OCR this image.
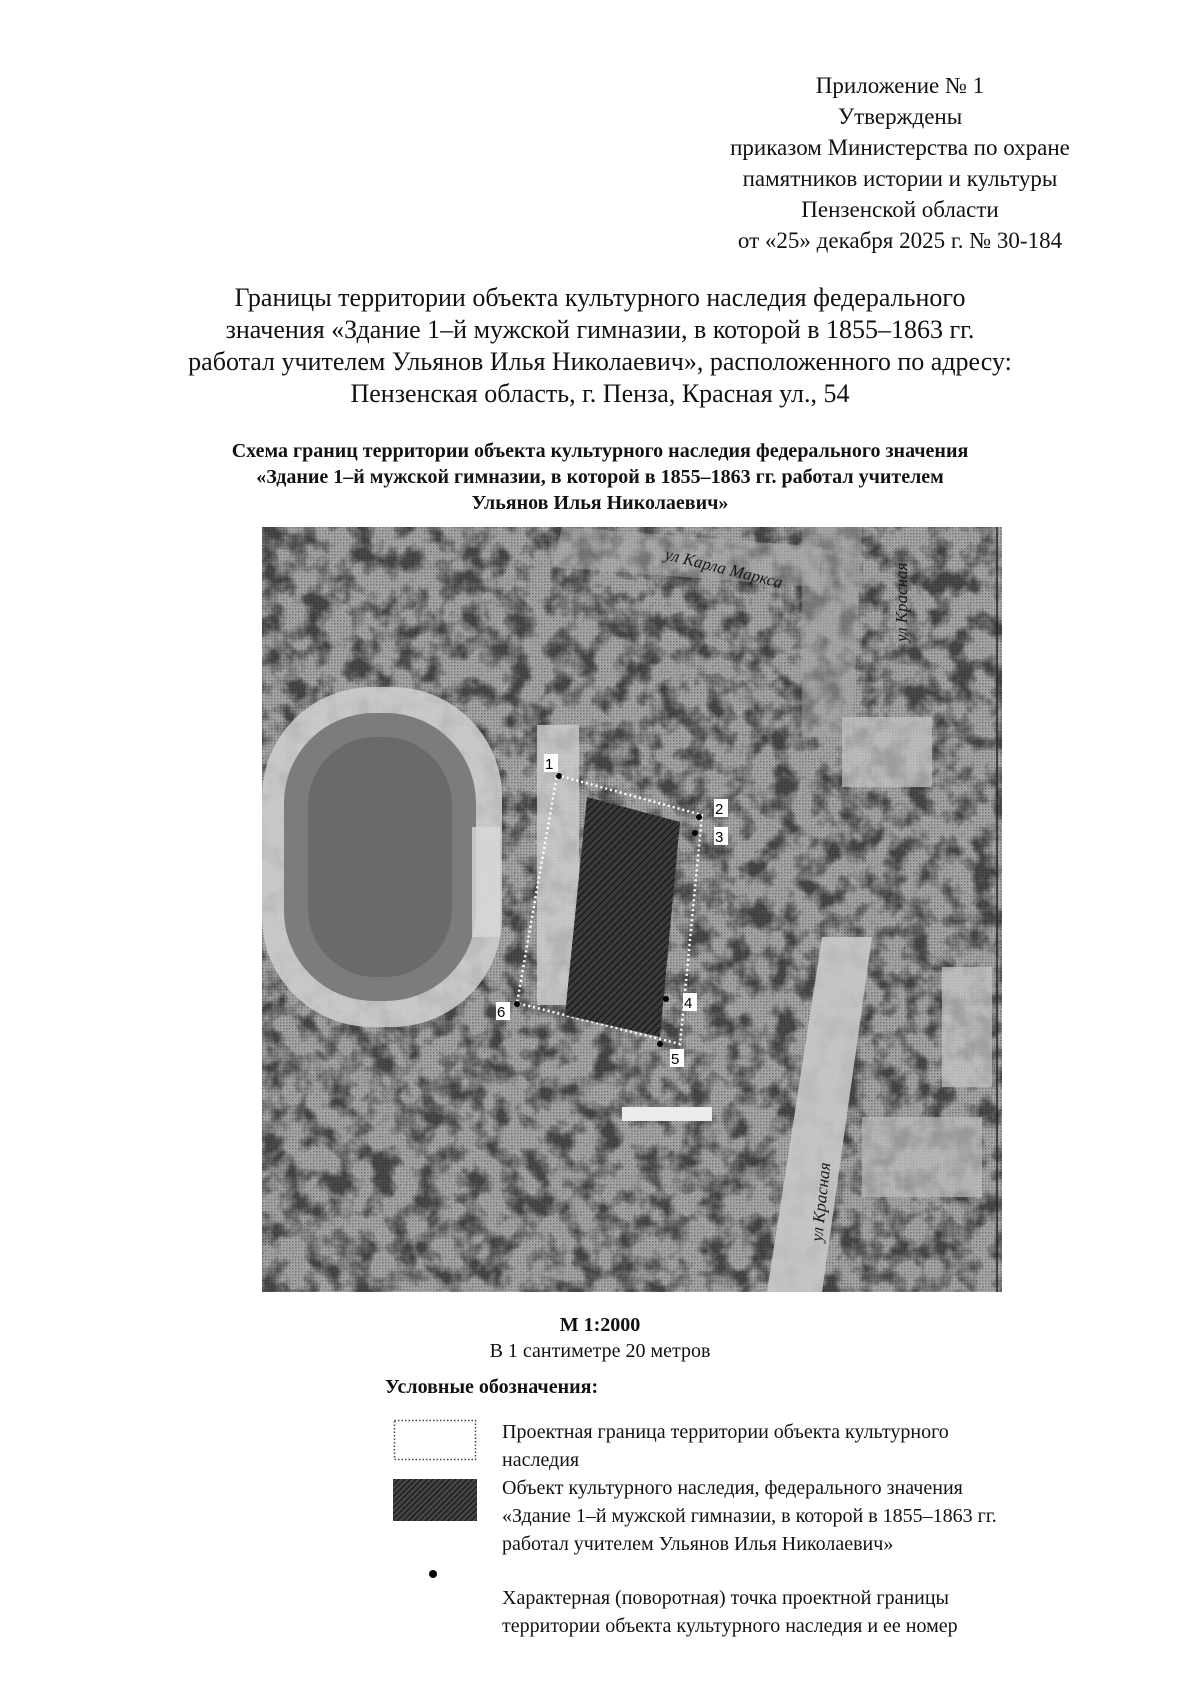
Приложение № 1
Утверждены
приказом Министерства по охране
памятников истории и культуры
Пензенской области
от «25» декабря 2025 г. № 30-184
Границы территории объекта культурного наследия федерального
значения «Здание 1–й мужской гимназии, в которой в 1855–1863 гг.
работал учителем Ульянов Илья Николаевич», расположенного по адресу:
Пензенская область, г. Пенза, Красная ул., 54
Схема границ территории объекта культурного наследия федерального значения
«Здание 1–й мужской гимназии, в которой в 1855–1863 гг. работал учителем
Ульянов Илья Николаевич»
1
2
3
4
5
6
ул Карла Маркса	ул Красная
ул Красная
М 1:2000
В 1 сантиметре 20 метров
Условные обозначения:
Проектная граница территории объекта культурного
наследия
Объект культурного наследия, федерального значения
«Здание 1–й мужской гимназии, в которой в 1855–1863 гг.
работал учителем Ульянов Илья Николаевич»
Характерная (поворотная) точка проектной границы
территории объекта культурного наследия и ее номер
